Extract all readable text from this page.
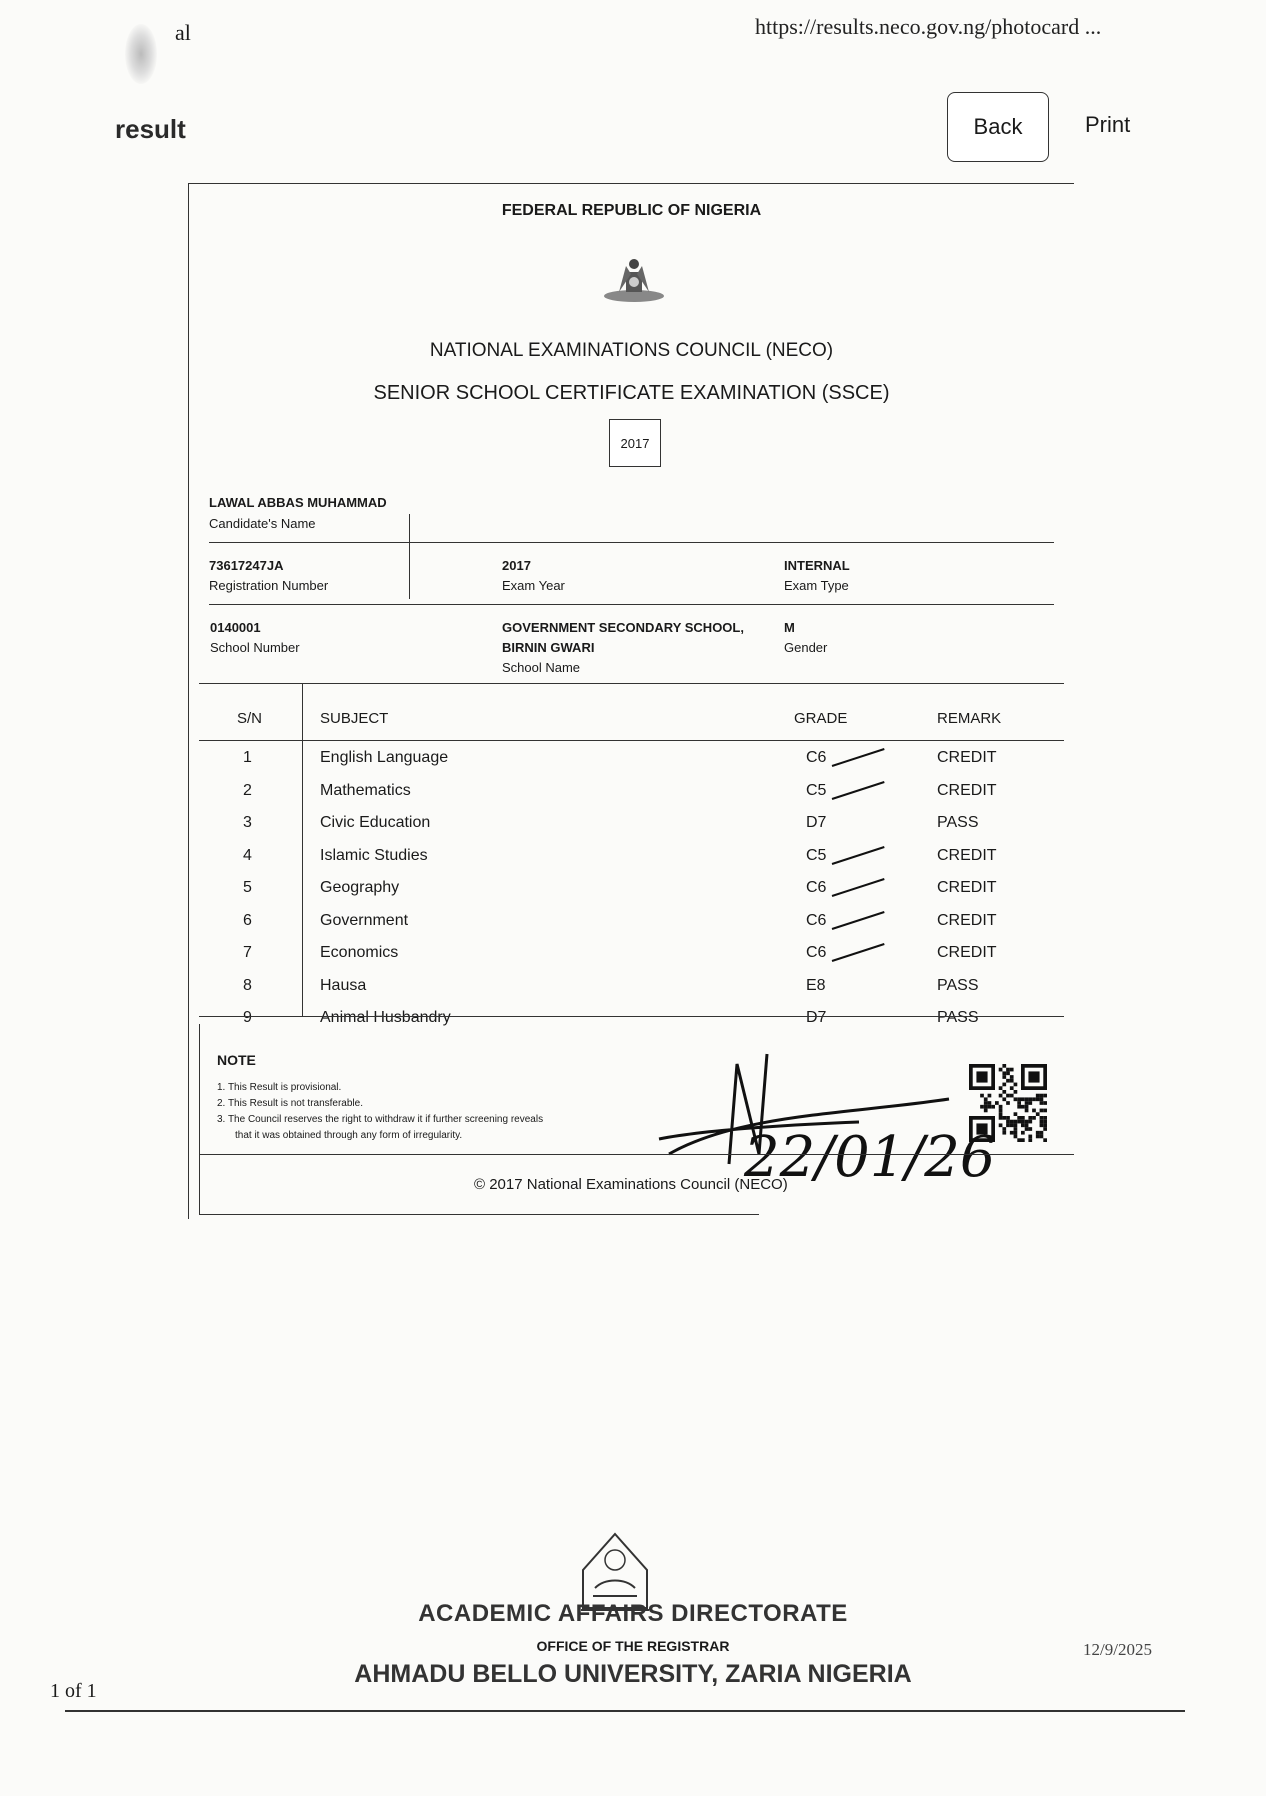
al	https://results.neco.gov.ng/photocard ...
result	Back	Print
FEDERAL REPUBLIC OF NIGERIA
NATIONAL EXAMINATIONS COUNCIL (NECO)
SENIOR SCHOOL CERTIFICATE EXAMINATION (SSCE)
2017
LAWAL ABBAS MUHAMMAD
Candidate's Name
73617247JA
Registration Number
2017
Exam Year
INTERNAL
Exam Type
0140001
School Number
GOVERNMENT SECONDARY SCHOOL,
BIRNIN GWARI
School Name
M
Gender
S/N	SUBJECT	GRADE	REMARK
1	English Language	C6	CREDIT
2	Mathematics	C5	CREDIT
3	Civic Education	D7	PASS
4	Islamic Studies	C5	CREDIT
5	Geography	C6	CREDIT
6	Government	C6	CREDIT
7	Economics	C6	CREDIT
8	Hausa	E8	PASS
9	Animal Husbandry	D7	PASS
NOTE
1. This Result is provisional.
2. This Result is not transferable.
3. The Council reserves the right to withdraw it if further screening reveals
that it was obtained through any form of irregularity.	22/01/26
© 2017 National Examinations Council (NECO)
ACADEMIC AFFAIRS DIRECTORATE
OFFICE OF THE REGISTRAR
AHMADU BELLO UNIVERSITY, ZARIA NIGERIA
1 of 1
12/9/2025
